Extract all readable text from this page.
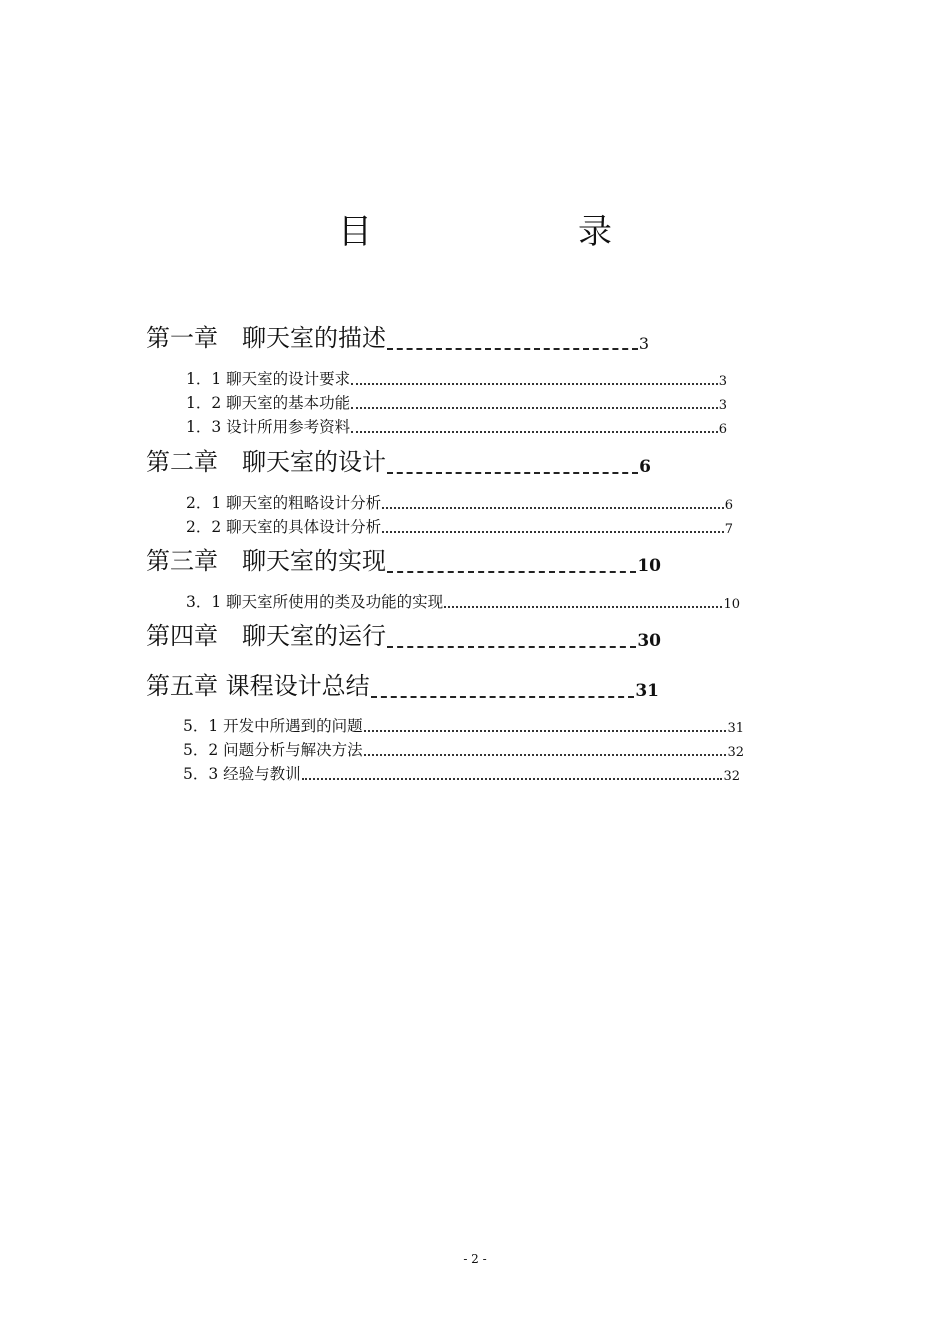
目　　录
第一章　聊天室的描述	3
1．1 聊天室的设计要求	3
1．2 聊天室的基本功能	3
1．3 设计所用参考资料	6
第二章　聊天室的设计	6
2．1 聊天室的粗略设计分析	6
2．2 聊天室的具体设计分析	7
第三章　聊天室的实现	10
3．1 聊天室所使用的类及功能的实现	10
第四章　聊天室的运行	30
第五章 课程设计总结	31
5．1 开发中所遇到的问题	31
5．2 问题分析与解决方法	32
5．3 经验与教训	32
- 2 -
